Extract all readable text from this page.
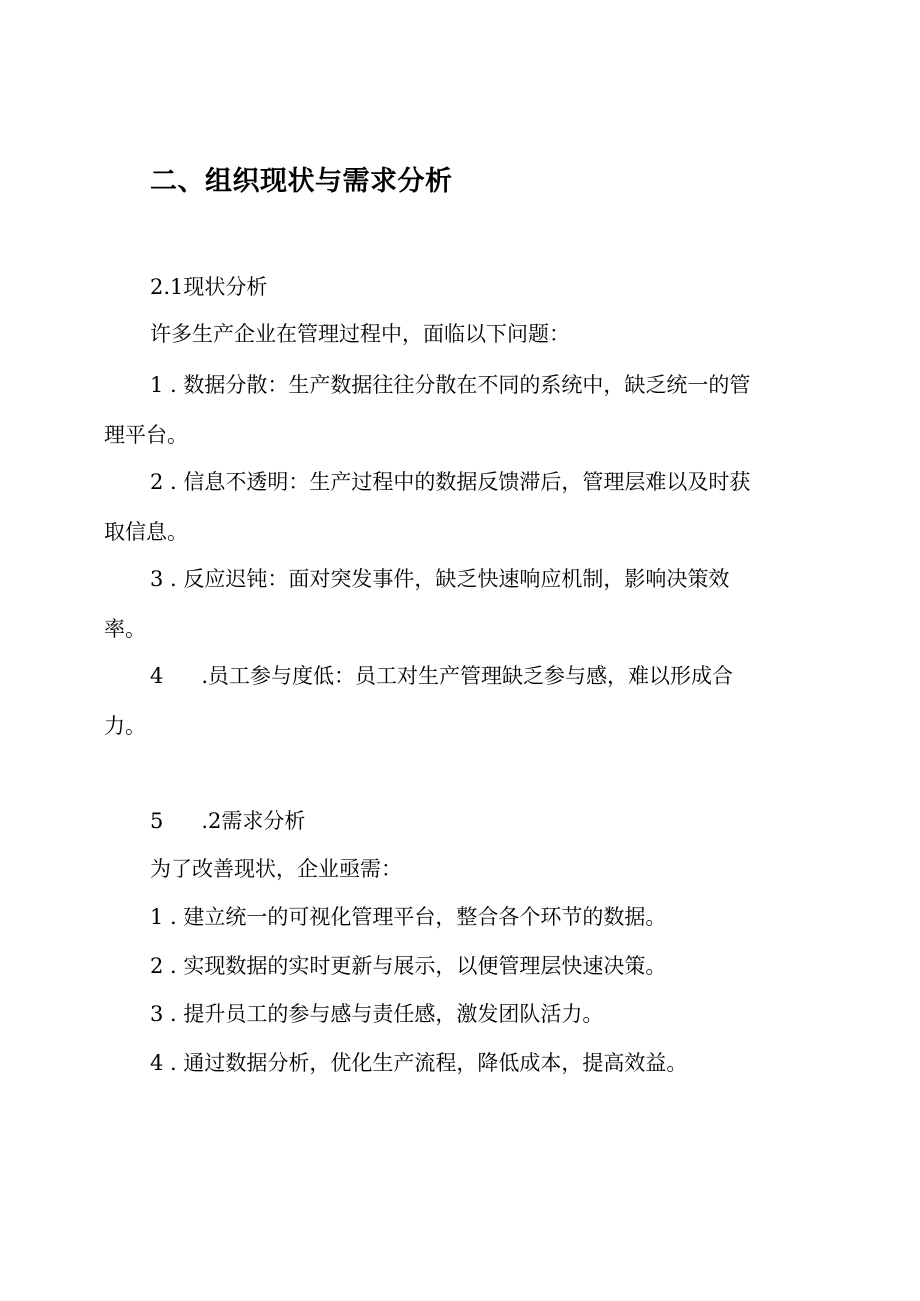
二、组织现状与需求分析
2.1现状分析
许多生产企业在管理过程中，面临以下问题：
1 . 数据分散：生产数据往往分散在不同的系统中，缺乏统一的管
理平台。
2 . 信息不透明：生产过程中的数据反馈滞后，管理层难以及时获
取信息。
3 . 反应迟钝：面对突发事件，缺乏快速响应机制，影响决策效
率。
4 .员工参与度低：员工对生产管理缺乏参与感，难以形成合
力。
5 .2需求分析
为了改善现状，企业亟需：
1 . 建立统一的可视化管理平台，整合各个环节的数据。
2 . 实现数据的实时更新与展示，以便管理层快速决策。
3 . 提升员工的参与感与责任感，激发团队活力。
4 . 通过数据分析，优化生产流程，降低成本，提高效益。
